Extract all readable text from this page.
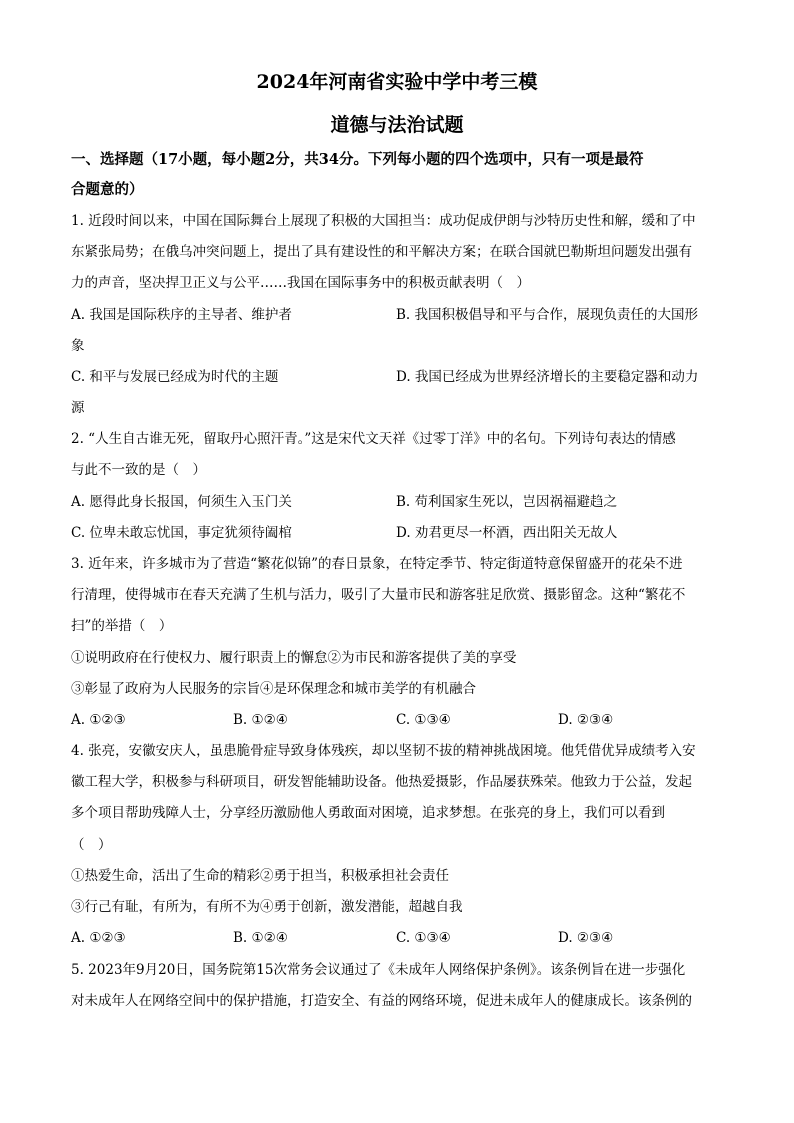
2024年河南省实验中学中考三模
道德与法治试题
一、选择题（17小题，每小题2分，共34分。下列每小题的四个选项中，只有一项是最符
合题意的）
1. 近段时间以来，中国在国际舞台上展现了积极的大国担当：成功促成伊朗与沙特历史性和解，缓和了中
东紧张局势；在俄乌冲突问题上，提出了具有建设性的和平解决方案；在联合国就巴勒斯坦问题发出强有
力的声音，坚决捍卫正义与公平……我国在国际事务中的积极贡献表明（　）
A. 我国是国际秩序的主导者、维护者	B. 我国积极倡导和平与合作，展现负责任的大国形
象
C. 和平与发展已经成为时代的主题	D. 我国已经成为世界经济增长的主要稳定器和动力
源
2. “人生自古谁无死，留取丹心照汗青。”这是宋代文天祥《过零丁洋》中的名句。下列诗句表达的情感
与此不一致的是（　）
A. 愿得此身长报国，何须生入玉门关	B. 苟利国家生死以，岂因祸福避趋之
C. 位卑未敢忘忧国，事定犹须待阖棺	D. 劝君更尽一杯酒，西出阳关无故人
3. 近年来，许多城市为了营造“繁花似锦”的春日景象，在特定季节、特定街道特意保留盛开的花朵不进
行清理，使得城市在春天充满了生机与活力，吸引了大量市民和游客驻足欣赏、摄影留念。这种“繁花不
扫”的举措（　）
①说明政府在行使权力、履行职责上的懈怠②为市民和游客提供了美的享受
③彰显了政府为人民服务的宗旨④是环保理念和城市美学的有机融合
A. ①②③	B. ①②④	C. ①③④	D. ②③④
4. 张亮，安徽安庆人，虽患脆骨症导致身体残疾，却以坚韧不拔的精神挑战困境。他凭借优异成绩考入安
徽工程大学，积极参与科研项目，研发智能辅助设备。他热爱摄影，作品屡获殊荣。他致力于公益，发起
多个项目帮助残障人士，分享经历激励他人勇敢面对困境，追求梦想。在张亮的身上，我们可以看到
（　）
①热爱生命，活出了生命的精彩②勇于担当，积极承担社会责任
③行己有耻，有所为，有所不为④勇于创新，激发潜能，超越自我
A. ①②③	B. ①②④	C. ①③④	D. ②③④
5. 2023年9月20日，国务院第15次常务会议通过了《未成年人网络保护条例》。该条例旨在进一步强化
对未成年人在网络空间中的保护措施，打造安全、有益的网络环境，促进未成年人的健康成长。该条例的
